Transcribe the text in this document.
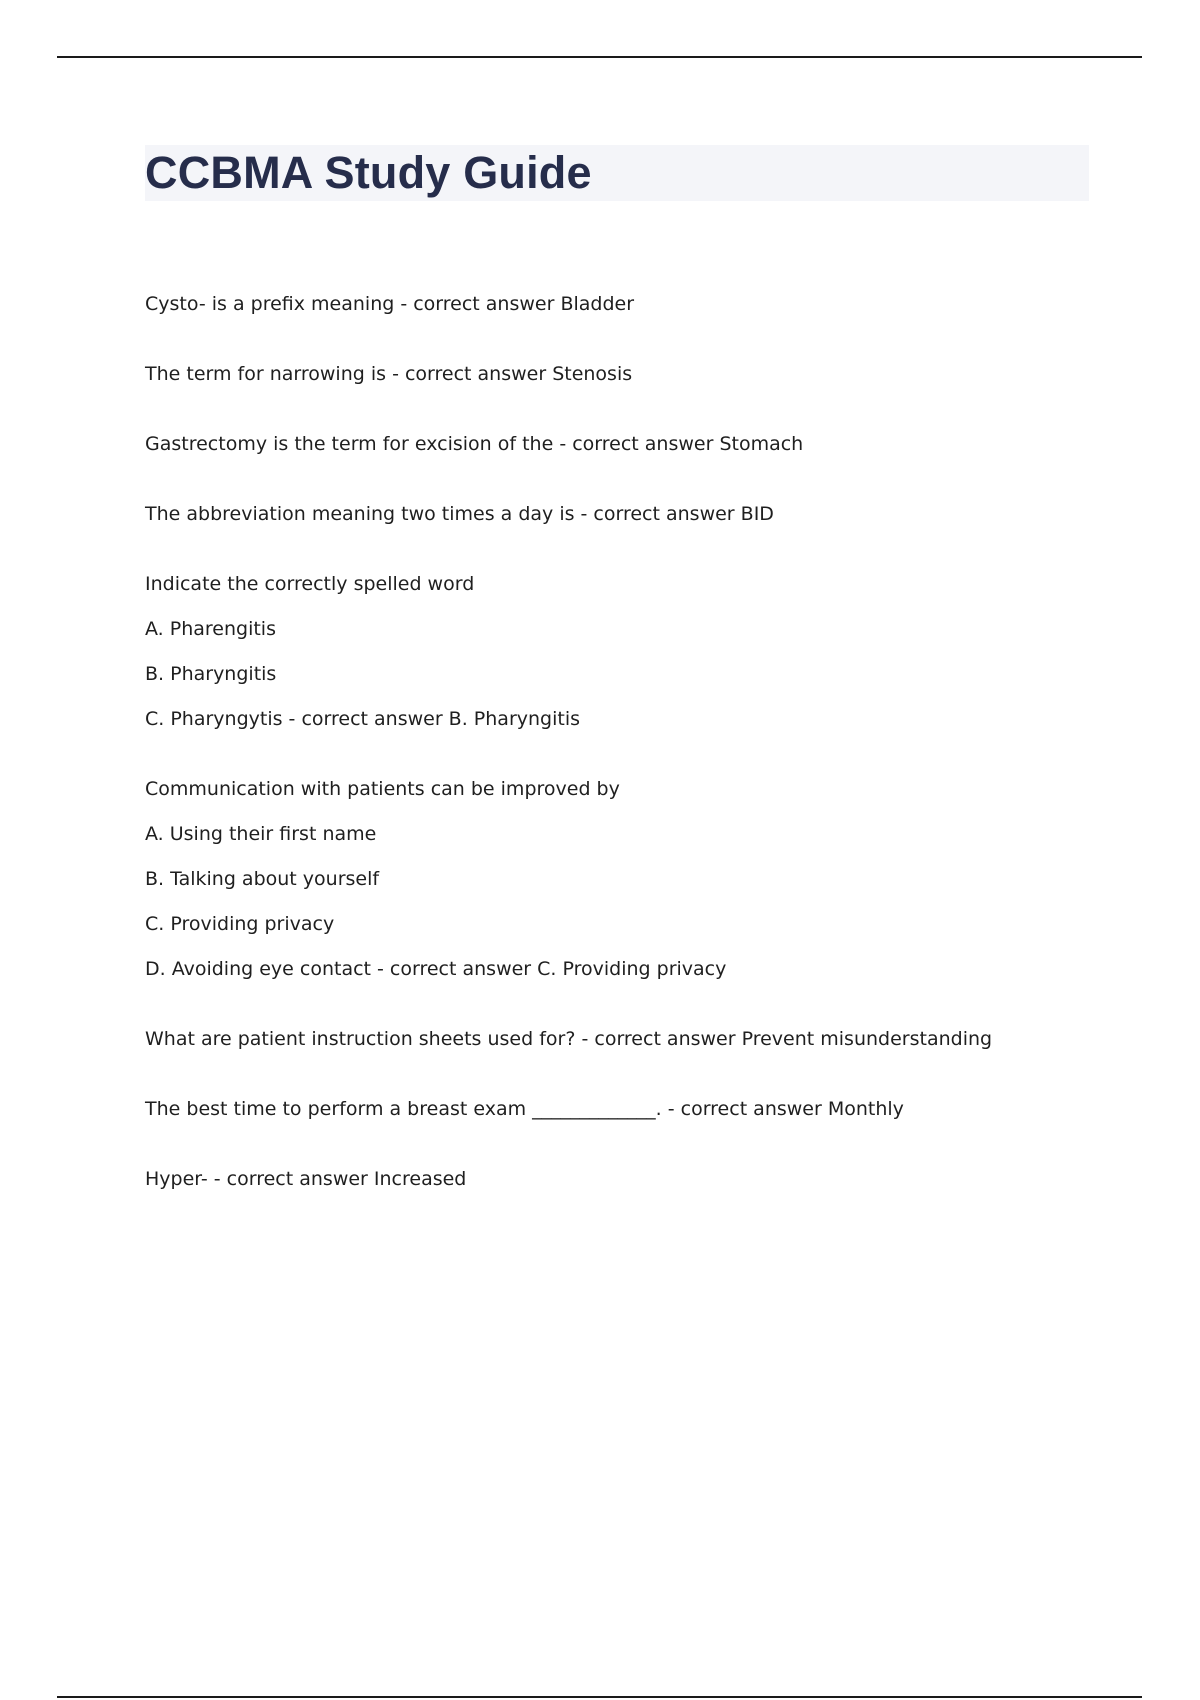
CCBMA Study Guide

Cysto- is a prefix meaning - correct answer Bladder

The term for narrowing is - correct answer Stenosis

Gastrectomy is the term for excision of the - correct answer Stomach

The abbreviation meaning two times a day is - correct answer BID

Indicate the correctly spelled word

A. Pharengitis

B. Pharyngitis

C. Pharyngytis - correct answer B. Pharyngitis

Communication with patients can be improved by

A. Using their first name

B. Talking about yourself

C. Providing privacy

D. Avoiding eye contact - correct answer C. Providing privacy

What are patient instruction sheets used for? - correct answer Prevent misunderstanding

The best time to perform a breast exam _____________. - correct answer Monthly

Hyper- - correct answer Increased
